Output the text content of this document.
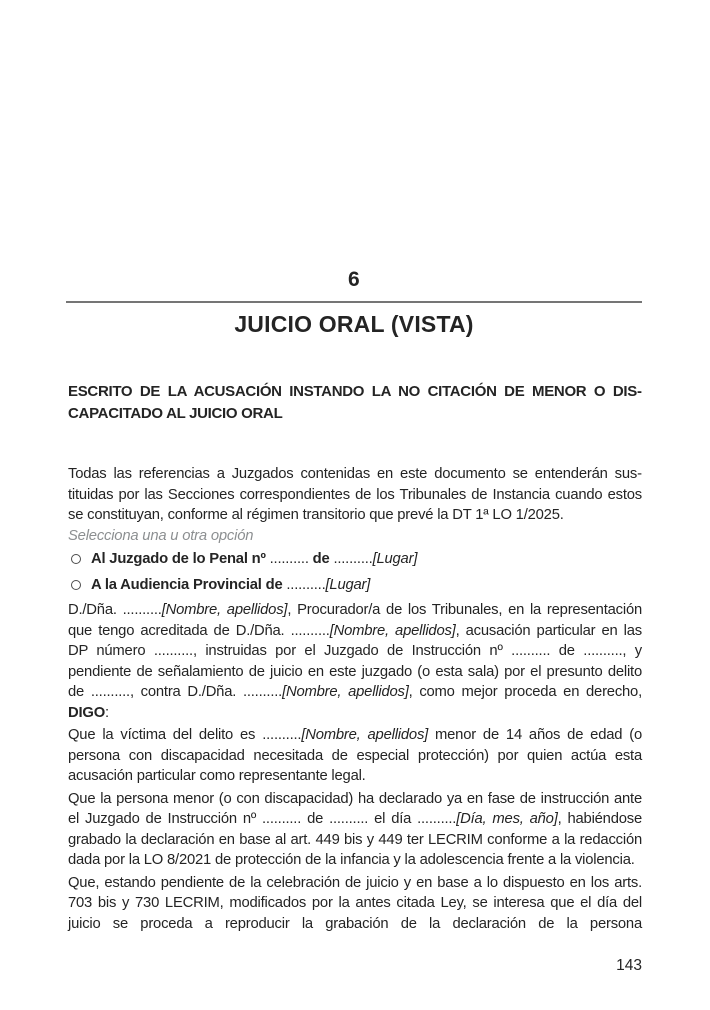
6
JUICIO ORAL (VISTA)
ESCRITO DE LA ACUSACIÓN INSTANDO LA NO CITACIÓN DE MENOR O DISCAPACITADO AL JUICIO ORAL

Todas las referencias a Juzgados contenidas en este documento se entenderán sustituidas por las Secciones correspondientes de los Tribunales de Instancia cuando estos se constituyan, conforme al régimen transitorio que prevé la DT 1ª LO 1/2025.

Selecciona una u otra opción

Al Juzgado de lo Penal nº .......... de ..........[Lugar]
A la Audiencia Provincial de ..........[Lugar]

D./Dña. ..........[Nombre, apellidos], Procurador/a de los Tribunales, en la representación que tengo acreditada de D./Dña. ..........[Nombre, apellidos], acusación particular en las DP número .........., instruidas por el Juzgado de Instrucción nº .......... de .........., y pendiente de señalamiento de juicio en este juzgado (o esta sala) por el presunto delito de .........., contra D./Dña. ..........[Nombre, apellidos], como mejor proceda en derecho, DIGO:

Que la víctima del delito es ..........[Nombre, apellidos] menor de 14 años de edad (o persona con discapacidad necesitada de especial protección) por quien actúa esta acusación particular como representante legal.

Que la persona menor (o con discapacidad) ha declarado ya en fase de instrucción ante el Juzgado de Instrucción nº .......... de .......... el día ..........[Día, mes, año], habiéndose grabado la declaración en base al art. 449 bis y 449 ter LECRIM conforme a la redacción dada por la LO 8/2021 de protección de la infancia y la adolescencia frente a la violencia.

Que, estando pendiente de la celebración de juicio y en base a lo dispuesto en los arts. 703 bis y 730 LECRIM, modificados por la antes citada Ley, se interesa que el día del juicio se proceda a reproducir la grabación de la declaración de la persona

143
